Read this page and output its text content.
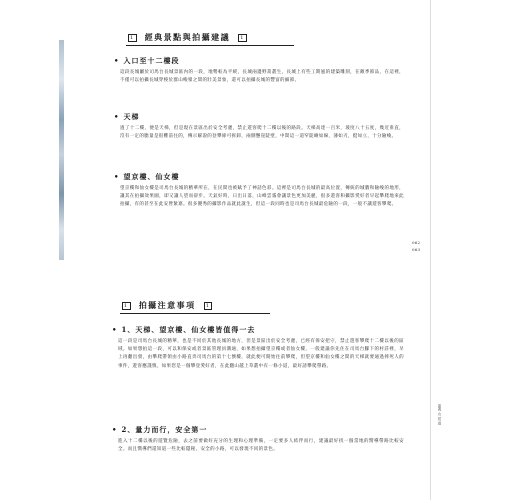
062
063
嘉義 山 居 遊
1 經典景點與拍攝建議	1
• 入口至十二樓段

這段長城屬於司馬台長城景區內的一段，地勢較為平緩，長城兩邊野蒿叢生，長城上有些工期風的建築雕刻，在敵季節品，在這裡，不僅可以拍攝長城穿梭於群山峻嶺之間的壯美景象，還可以拍攝長城的豐富的細節。

• 天梯

過了十二樓，便是天梯，但是現在景區出於安全考慮，禁止遊客爬十二樓以後的路段。天梯高達一百米，坡度八十五度，幾近垂直，沒有一定的膽量是很難前往的，傳示解說的登攀條可拆卸，兩側懸崖陡壁，中間這一道窄陡嶮如線，薄如刃，挺如立，十分險峻。

• 望京樓、仙女樓

望京樓和仙女樓是司馬台長城的精華所在，在民間也被賦予了神話色彩。這裡是司馬台長城的最高位置，傳統的城牆和險峻的地形，讓其在拍攝效果圖，即又讓人望而卻步。天氣好時，日出日落，山峰雲霧會讓景色更加美麗，很多遊客和攝影愛好者早起攀爬地來此拍攝，有的甚至在此安營紮寨。很多優秀的攝影作品就此誕生，但這一段同時也是司馬台長城最危險的一段，一般不讓遊客攀爬。

1 拍攝注意事項	1
• 1、天梯、望京樓、仙女樓皆值得一去

這一段是司馬台長城的精華，也是不同於其他長城的地方，但是景區出於安全考慮，已經有保安把守，禁止遊客攀爬十二樓以後的區域。如果想拍這一段，可以和保安或者景區管理員溝通，如果想拍攝望京樓或者仙女樓，一般建議你先住在司馬台腳下的村莊裡，早上再翻出發，由攀爬帶領由小路直奔司馬台的第十七號樓，就此便可開始往前攀爬，但望京樓和仙女樓之間的天梯就要通過摔死人的事件，遊客應謹慎，如果您是一個攀登愛好者，在此翻山越上草叢中有一條小道，最好請攀爬帶路。

• 2、量力而行，安全第一

進入十二樓以後的遊覽危險，去之前要做好充分的生理和心理準備，一定要多人結伴而行，建議最好找一個當地的嚮導帶路比較安全。而且嚮導們還知道一些比較隱秘、安全的小路，可以發現不同的景色。
